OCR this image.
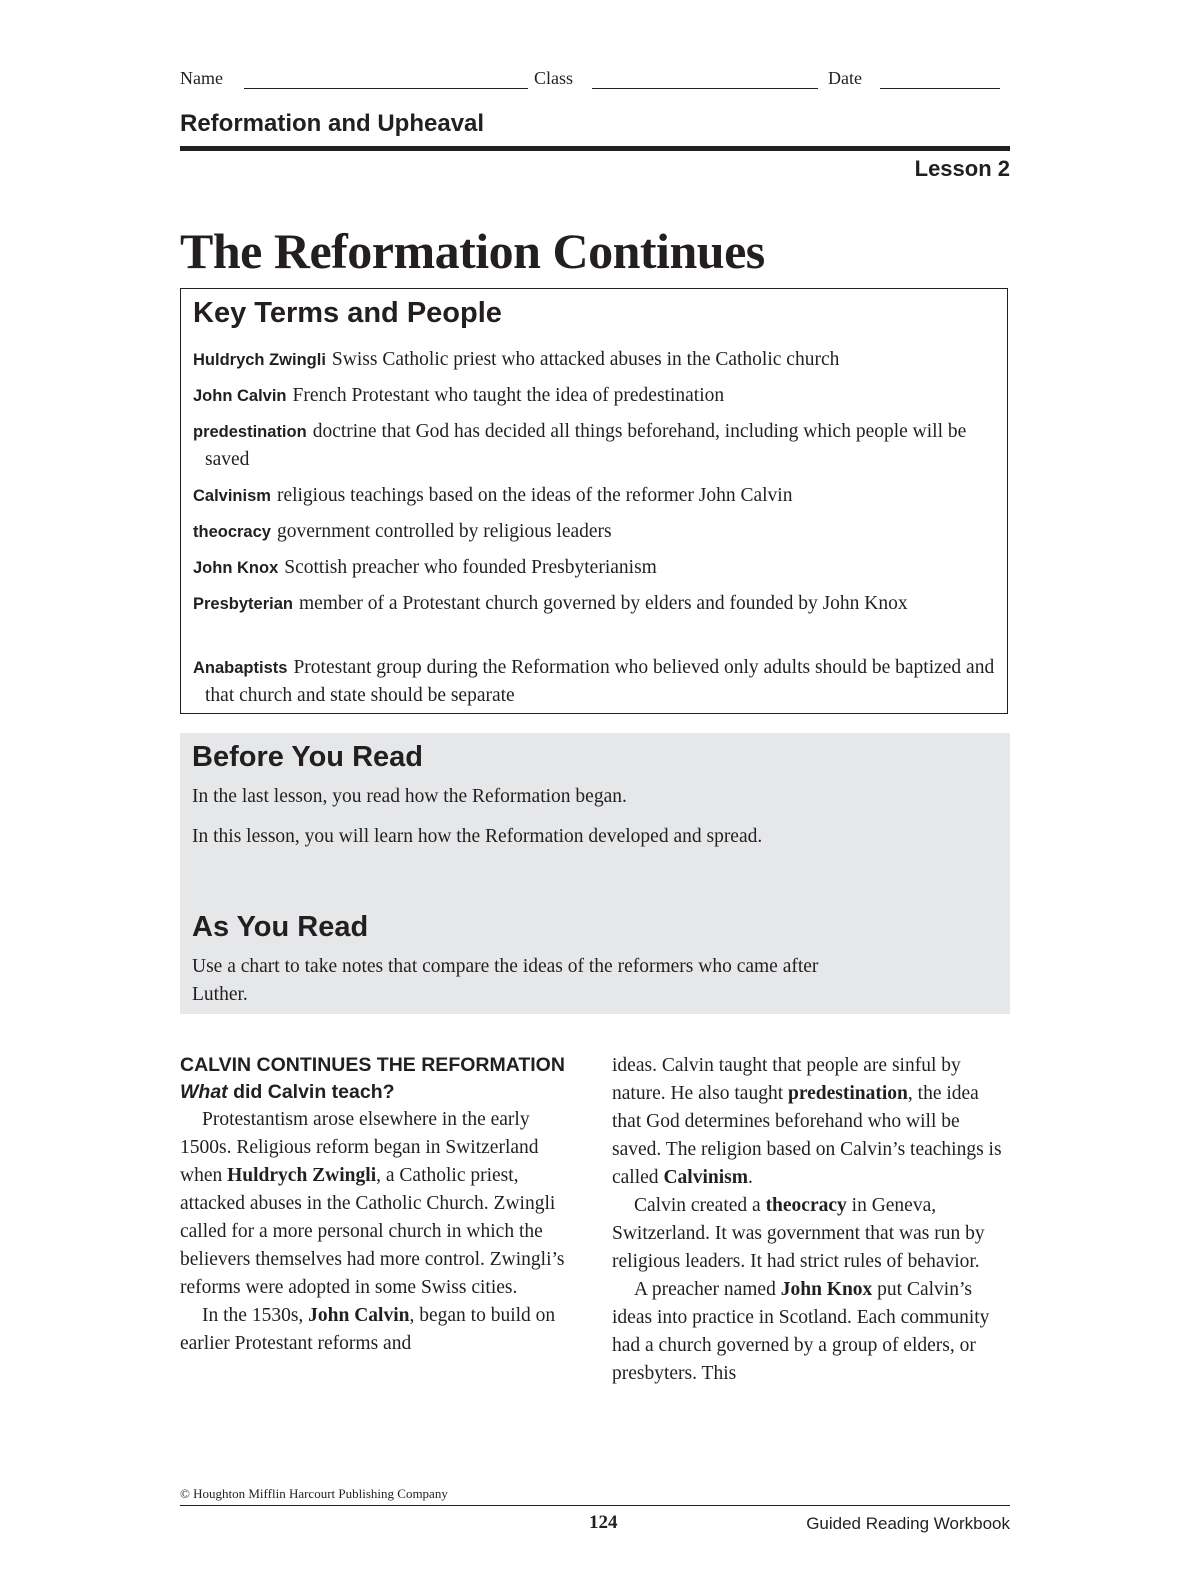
Name	Class	Date
Reformation and Upheaval
Lesson 2
The Reformation Continues
Key Terms and People
Huldrych Zwingli Swiss Catholic priest who attacked abuses in the Catholic church
John Calvin French Protestant who taught the idea of predestination
predestination doctrine that God has decided all things beforehand, including which people will be saved
Calvinism religious teachings based on the ideas of the reformer John Calvin
theocracy government controlled by religious leaders
John Knox Scottish preacher who founded Presbyterianism
Presbyterian member of a Protestant church governed by elders and founded by John Knox
Anabaptists Protestant group during the Reformation who believed only adults should be baptized and that church and state should be separate
Before You Read
In the last lesson, you read how the Reformation began.
In this lesson, you will learn how the Reformation developed and spread.
As You Read
Use a chart to take notes that compare the ideas of the reformers who came after Luther.
CALVIN CONTINUES THE REFORMATION
What did Calvin teach?

Protestantism arose elsewhere in the early 1500s. Religious reform began in Switzerland when Huldrych Zwingli, a Catholic priest, attacked abuses in the Catholic Church. Zwingli called for a more personal church in which the believers themselves had more control. Zwingli’s reforms were adopted in some Swiss cities.

In the 1530s, John Calvin, began to build on earlier Protestant reforms and

ideas. Calvin taught that people are sinful by nature. He also taught predestination, the idea that God determines beforehand who will be saved. The religion based on Calvin’s teachings is called Calvinism.

Calvin created a theocracy in Geneva, Switzerland. It was government that was run by religious leaders. It had strict rules of behavior.

A preacher named John Knox put Calvin’s ideas into practice in Scotland. Each community had a church governed by a group of elders, or presbyters. This

© Houghton Mifflin Harcourt Publishing Company
124	Guided Reading Workbook
